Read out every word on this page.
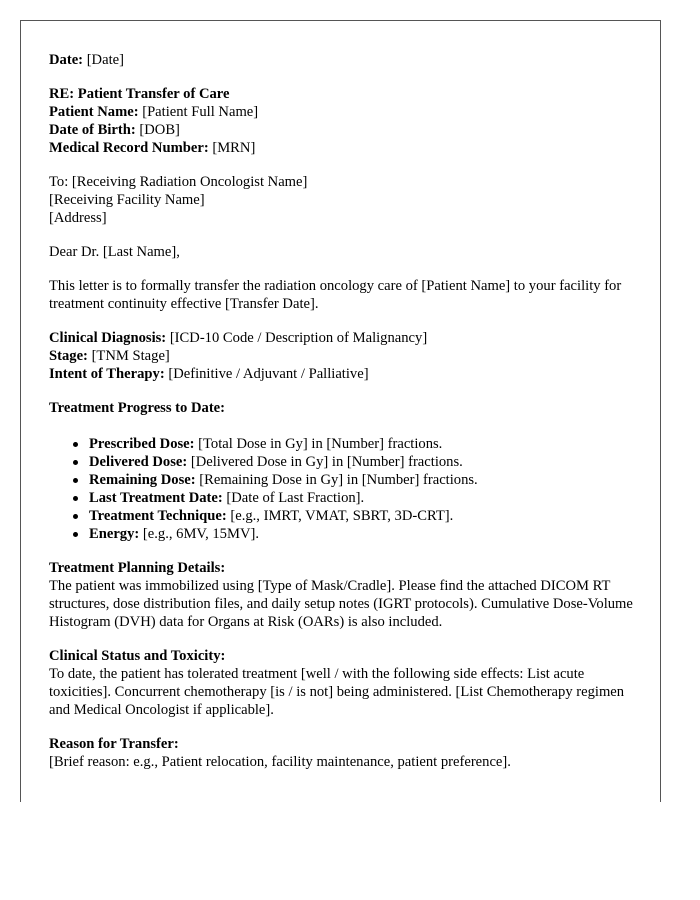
Date: [Date]

RE: Patient Transfer of Care
Patient Name: [Patient Full Name]
Date of Birth: [DOB]
Medical Record Number: [MRN]

To: [Receiving Radiation Oncologist Name]
[Receiving Facility Name]
[Address]

Dear Dr. [Last Name],

This letter is to formally transfer the radiation oncology care of [Patient Name] to your facility for treatment continuity effective [Transfer Date].

Clinical Diagnosis: [ICD-10 Code / Description of Malignancy]
Stage: [TNM Stage]
Intent of Therapy: [Definitive / Adjuvant / Palliative]

Treatment Progress to Date:

Prescribed Dose: [Total Dose in Gy] in [Number] fractions.
Delivered Dose: [Delivered Dose in Gy] in [Number] fractions.
Remaining Dose: [Remaining Dose in Gy] in [Number] fractions.
Last Treatment Date: [Date of Last Fraction].
Treatment Technique: [e.g., IMRT, VMAT, SBRT, 3D-CRT].
Energy: [e.g., 6MV, 15MV].

Treatment Planning Details:
The patient was immobilized using [Type of Mask/Cradle]. Please find the attached DICOM RT structures, dose distribution files, and daily setup notes (IGRT protocols). Cumulative Dose-Volume Histogram (DVH) data for Organs at Risk (OARs) is also included.

Clinical Status and Toxicity:
To date, the patient has tolerated treatment [well / with the following side effects: List acute toxicities]. Concurrent chemotherapy [is / is not] being administered. [List Chemotherapy regimen and Medical Oncologist if applicable].

Reason for Transfer:
[Brief reason: e.g., Patient relocation, facility maintenance, patient preference].
